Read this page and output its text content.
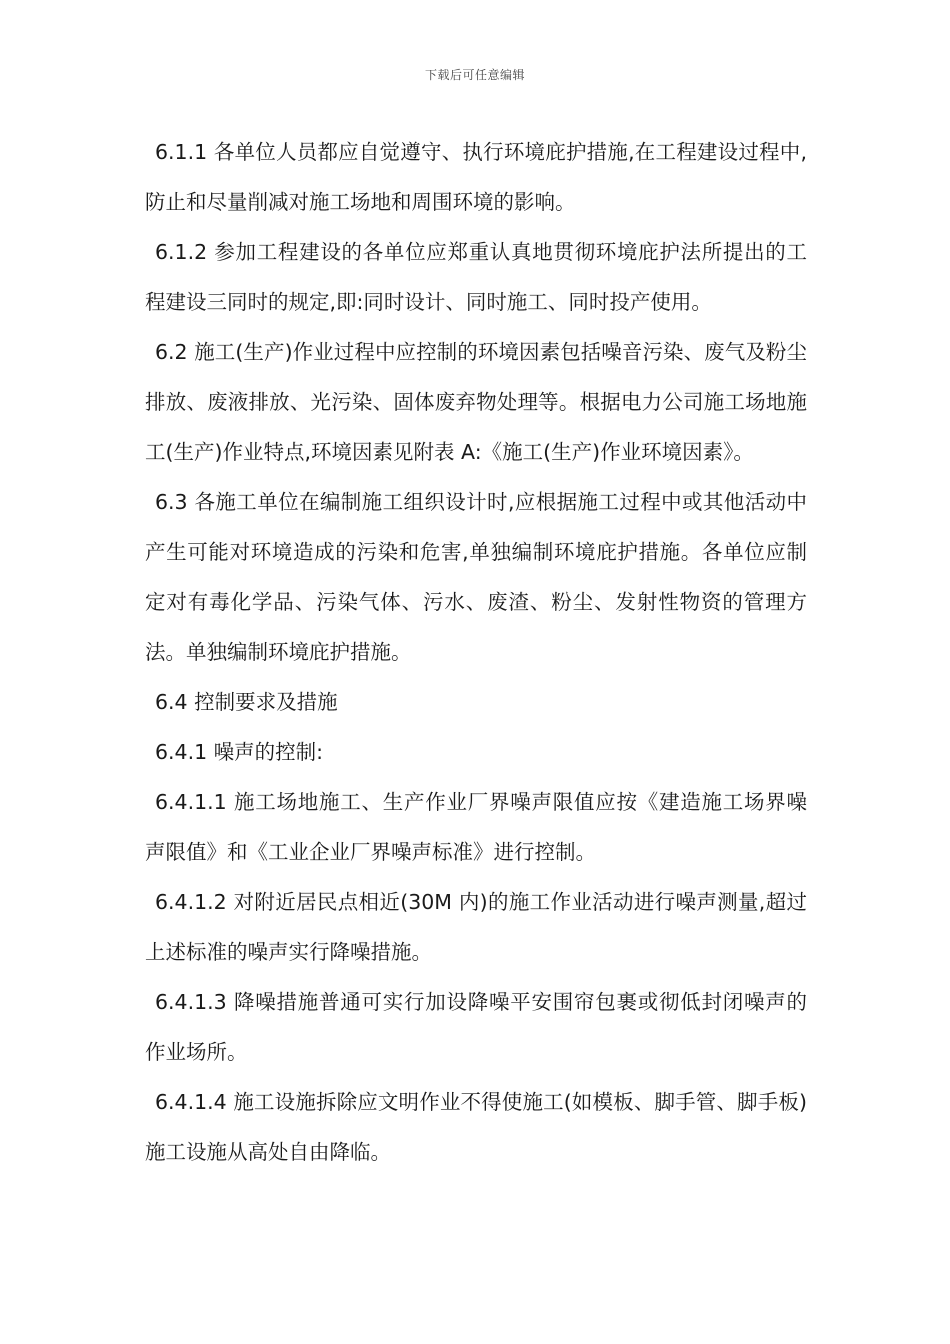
下载后可任意编辑

6.1.1 各单位人员都应自觉遵守、执行环境庇护措施,在工程建设过程中,防止和尽量削减对施工场地和周围环境的影响。

6.1.2 参加工程建设的各单位应郑重认真地贯彻环境庇护法所提出的工程建设三同时的规定,即:同时设计、同时施工、同时投产使用。

6.2 施工(生产)作业过程中应控制的环境因素包括噪音污染、废气及粉尘排放、废液排放、光污染、固体废弃物处理等。根据电力公司施工场地施工(生产)作业特点,环境因素见附表 A:《施工(生产)作业环境因素》。

6.3 各施工单位在编制施工组织设计时,应根据施工过程中或其他活动中产生可能对环境造成的污染和危害,单独编制环境庇护措施。各单位应制定对有毒化学品、污染气体、污水、废渣、粉尘、发射性物资的管理方法。单独编制环境庇护措施。

6.4 控制要求及措施

6.4.1 噪声的控制:

6.4.1.1 施工场地施工、生产作业厂界噪声限值应按《建造施工场界噪声限值》和《工业企业厂界噪声标准》进行控制。

6.4.1.2 对附近居民点相近(30M 内)的施工作业活动进行噪声测量,超过上述标准的噪声实行降噪措施。

6.4.1.3 降噪措施普通可实行加设降噪平安围帘包裹或彻低封闭噪声的作业场所。

6.4.1.4 施工设施拆除应文明作业不得使施工(如模板、脚手管、脚手板)施工设施从高处自由降临。
